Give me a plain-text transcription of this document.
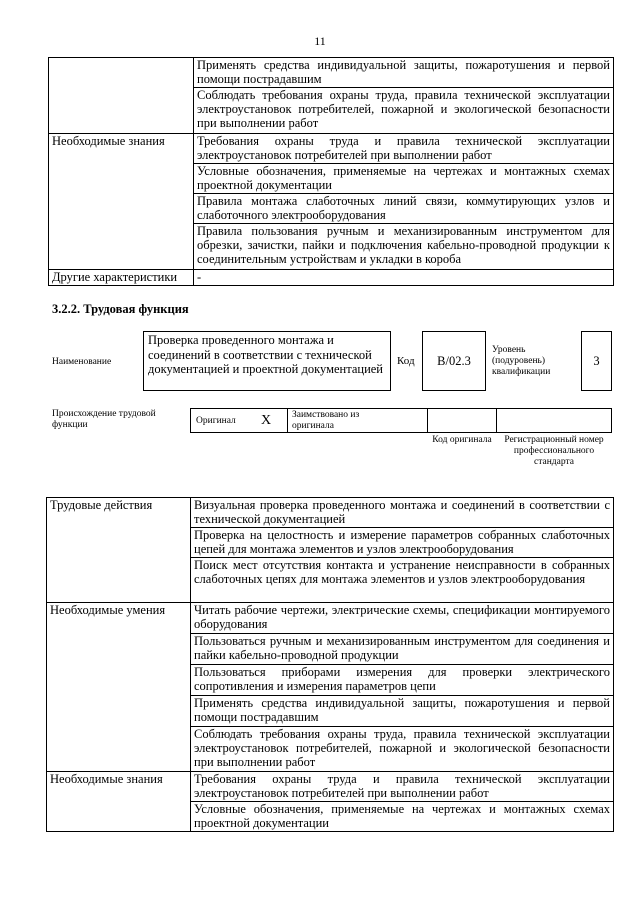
11
	Применять средства индивидуальной защиты, пожаротушения и первой помощи пострадавшим
	Соблюдать требования охраны труда, правила технической эксплуатации электроустановок потребителей, пожарной и экологической безопасности при выполнении работ
Необходимые знания	Требования охраны труда и правила технической эксплуатации электроустановок потребителей при выполнении работ
	Условные обозначения, применяемые на чертежах и монтажных схемах проектной документации
	Правила монтажа слаботочных линий связи, коммутирующих узлов и слаботочного электрооборудования
	Правила пользования ручным и механизированным инструментом для обрезки, зачистки, пайки и подключения кабельно-проводной продукции к соединительным устройствам и укладки в короба
Другие характеристики	-
3.2.2. Трудовая функция
Наименование
Проверка проведенного монтажа и соединений в соответствии с технической документацией и проектной документацией
Код B/02.3
Уровень (подуровень) квалификации
3
Происхождение трудовой функции	Оригинал X Заимствовано из оригинала
Код оригинала	Регистрационный номер профессионального стандарта
Трудовые действия	Визуальная проверка проведенного монтажа и соединений в соответствии с технической документацией
	Проверка на целостность и измерение параметров собранных слаботочных цепей для монтажа элементов и узлов электрооборудования
	Поиск мест отсутствия контакта и устранение неисправности в собранных слаботочных цепях для монтажа элементов и узлов электрооборудования
Необходимые умения	Читать рабочие чертежи, электрические схемы, спецификации монтируемого оборудования
	Пользоваться ручным и механизированным инструментом для соединения и пайки кабельно-проводной продукции
	Пользоваться приборами измерения для проверки электрического сопротивления и измерения параметров цепи
	Применять средства индивидуальной защиты, пожаротушения и первой помощи пострадавшим
	Соблюдать требования охраны труда, правила технической эксплуатации электроустановок потребителей, пожарной и экологической безопасности при выполнении работ
Необходимые знания	Требования охраны труда и правила технической эксплуатации электроустановок потребителей при выполнении работ
	Условные обозначения, применяемые на чертежах и монтажных схемах проектной документации
